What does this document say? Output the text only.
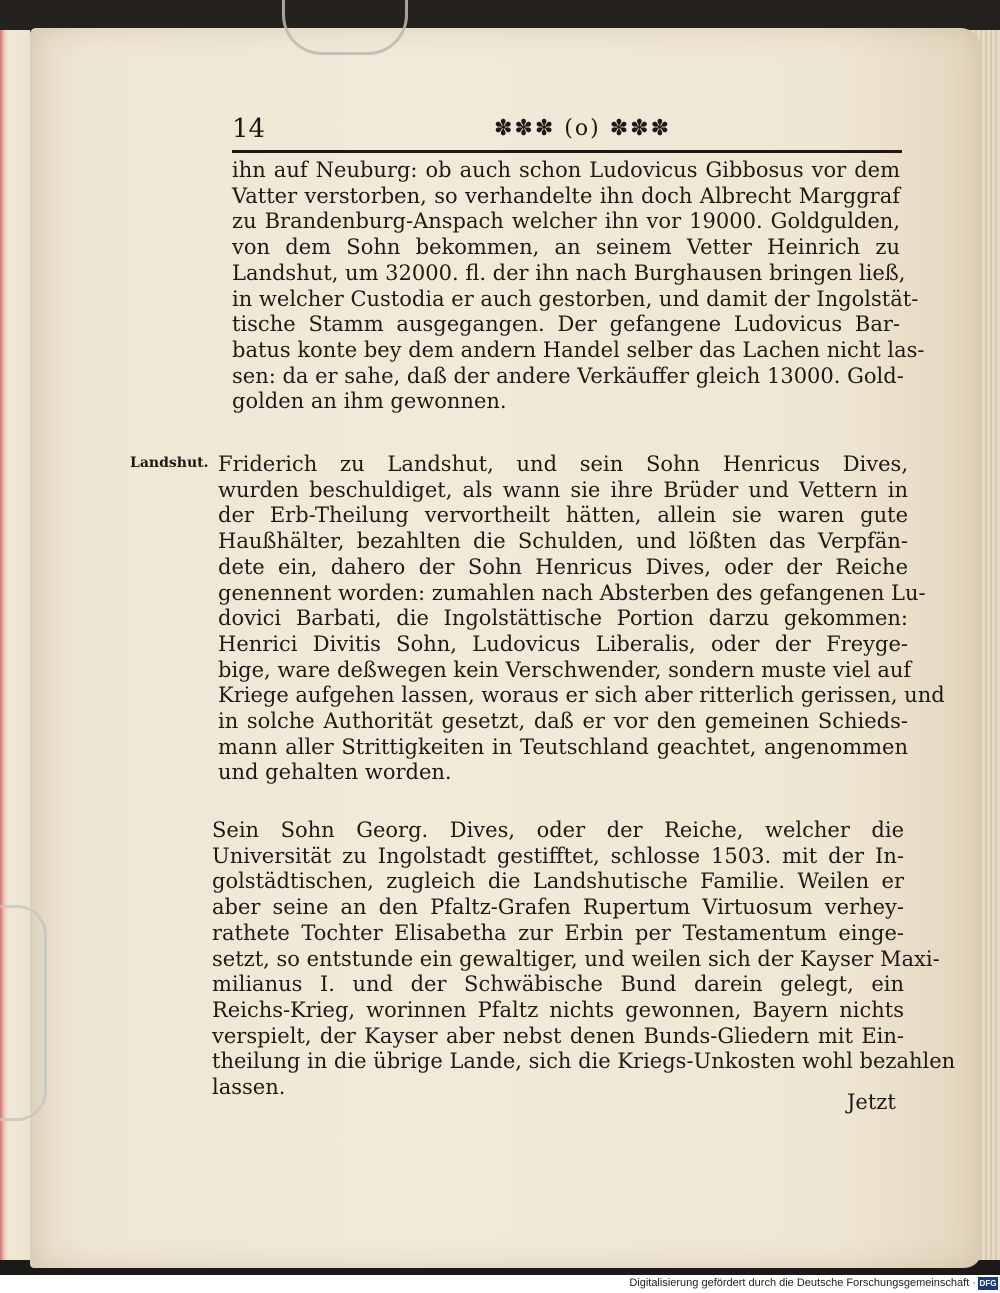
14	✽✽✽ (o) ✽✽✽
ihn auf Neuburg: ob auch schon Ludovicus Gibbosus vor dem
Vatter verstorben, so verhandelte ihn doch Albrecht Marggraf
zu Brandenburg-Anspach welcher ihn vor 19000. Goldgulden,
von dem Sohn bekommen, an seinem Vetter Heinrich zu
Landshut, um 32000. fl. der ihn nach Burghausen bringen ließ,
in welcher Custodia er auch gestorben, und damit der Ingolstät-
tische Stamm ausgegangen. Der gefangene Ludovicus Bar-
batus konte bey dem andern Handel selber das Lachen nicht las-
sen: da er sahe, daß der andere Verkäuffer gleich 13000. Gold-
golden an ihm gewonnen.
Landshut. Friderich zu Landshut, und sein Sohn Henricus Dives,
wurden beschuldiget, als wann sie ihre Brüder und Vettern in
der Erb-Theilung vervortheilt hätten, allein sie waren gute
Haußhälter, bezahlten die Schulden, und lößten das Verpfän-
dete ein, dahero der Sohn Henricus Dives, oder der Reiche
genennent worden: zumahlen nach Absterben des gefangenen Lu-
dovici Barbati, die Ingolstättische Portion darzu gekommen:
Henrici Divitis Sohn, Ludovicus Liberalis, oder der Freyge-
bige, ware deßwegen kein Verschwender, sondern muste viel auf
Kriege aufgehen lassen, woraus er sich aber ritterlich gerissen, und
in solche Authorität gesetzt, daß er vor den gemeinen Schieds-
mann aller Strittigkeiten in Teutschland geachtet, angenommen
und gehalten worden.
Sein Sohn Georg. Dives, oder der Reiche, welcher die
Universität zu Ingolstadt gestifftet, schlosse 1503. mit der In-
golstädtischen, zugleich die Landshutische Familie. Weilen er
aber seine an den Pfaltz-Grafen Rupertum Virtuosum verhey-
rathete Tochter Elisabetha zur Erbin per Testamentum einge-
setzt, so entstunde ein gewaltiger, und weilen sich der Kayser Maxi-
milianus I. und der Schwäbische Bund darein gelegt, ein
Reichs-Krieg, worinnen Pfaltz nichts gewonnen, Bayern nichts
verspielt, der Kayser aber nebst denen Bunds-Gliedern mit Ein-
theilung in die übrige Lande, sich die Kriegs-Unkosten wohl bezahlen
lassen.
Jetzt
Digitalisierung gefördert durch die Deutsche Forschungsgemeinschaft · DFG
